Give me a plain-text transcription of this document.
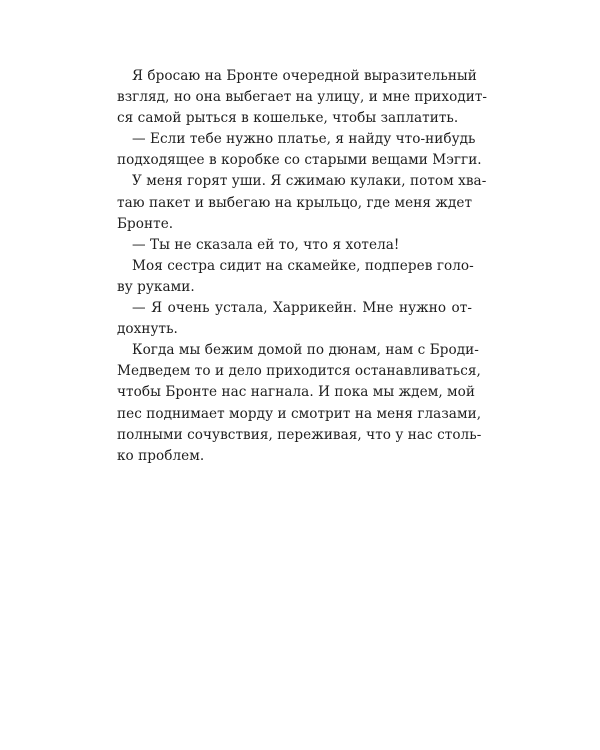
Я бросаю на Бронте очередной выразительный
взгляд, но она выбегает на улицу, и мне приходит-
ся самой рыться в кошельке, чтобы заплатить.
— Если тебе нужно платье, я найду что-нибудь
подходящее в коробке со старыми вещами Мэгги.
У меня горят уши. Я сжимаю кулаки, потом хва-
таю пакет и выбегаю на крыльцо, где меня ждет
Бронте.
— Ты не сказала ей то, что я хотела!
Моя сестра сидит на скамейке, подперев голо-
ву руками.
— Я очень устала, Харрикейн. Мне нужно от-
дохнуть.
Когда мы бежим домой по дюнам, нам с Броди-
Медведем то и дело приходится останавливаться,
чтобы Бронте нас нагнала. И пока мы ждем, мой
пес поднимает морду и смотрит на меня глазами,
полными сочувствия, переживая, что у нас столь-
ко проблем.
